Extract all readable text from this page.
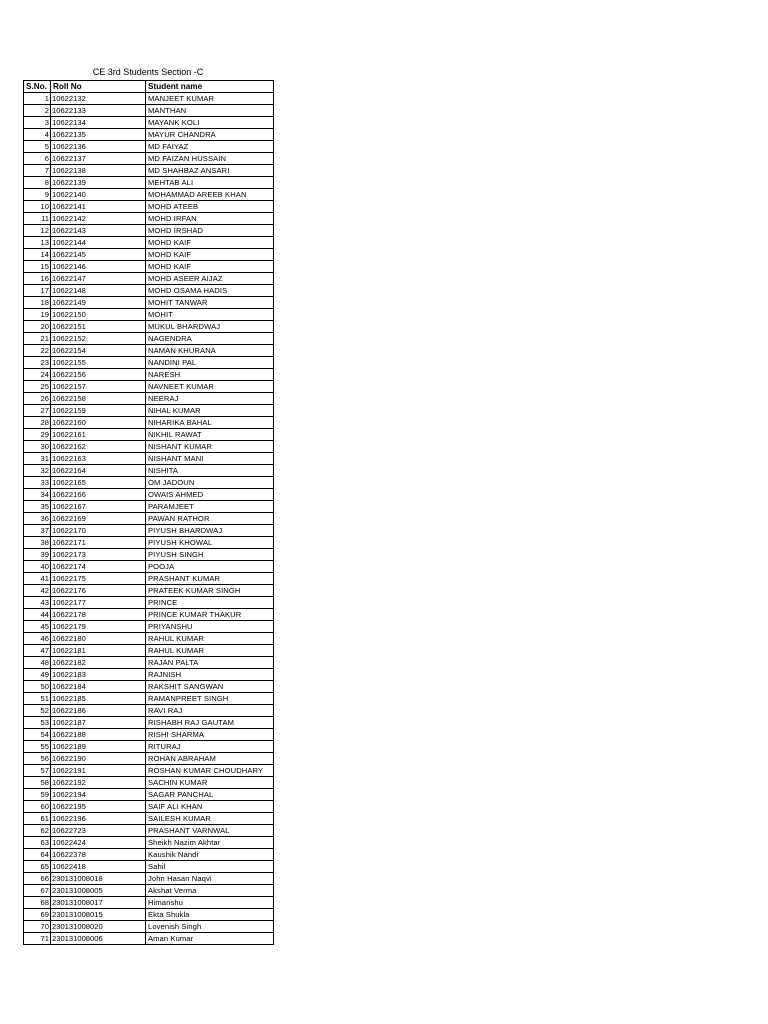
CE 3rd Students Section -C
S.No.	Roll No	Student name
1	10622132	MANJEET KUMAR
2	10622133	MANTHAN
3	10622134	MAYANK KOLI
4	10622135	MAYUR CHANDRA
5	10622136	MD FAIYAZ
6	10622137	MD FAIZAN HUSSAIN
7	10622138	MD SHAHBAZ ANSARI
8	10622139	MEHTAB ALI
9	10622140	MOHAMMAD AREEB KHAN
10	10622141	MOHD ATEEB
11	10622142	MOHD IRFAN
12	10622143	MOHD IRSHAD
13	10622144	MOHD KAIF
14	10622145	MOHD KAIF
15	10622146	MOHD KAIF
16	10622147	MOHD ASEER AIJAZ
17	10622148	MOHD OSAMA HADIS
18	10622149	MOHIT TANWAR
19	10622150	MOHIT
20	10622151	MUKUL BHARDWAJ
21	10622152	NAGENDRA
22	10622154	NAMAN KHURANA
23	10622155	NANDINI PAL
24	10622156	NARESH
25	10622157	NAVNEET KUMAR
26	10622158	NEERAJ
27	10622159	NIHAL KUMAR
28	10622160	NIHARIKA BAHAL
29	10622161	NIKHIL RAWAT
30	10622162	NISHANT KUMAR
31	10622163	NISHANT MANI
32	10622164	NISHITA
33	10622165	OM JADOUN
34	10622166	OWAIS AHMED
35	10622167	PARAMJEET
36	10622169	PAWAN RATHOR
37	10622170	PIYUSH BHARDWAJ
38	10622171	PIYUSH KHOWAL
39	10622173	PIYUSH SINGH
40	10622174	POOJA
41	10622175	PRASHANT KUMAR
42	10622176	PRATEEK KUMAR SINGH
43	10622177	PRINCE
44	10622178	PRINCE KUMAR THAKUR
45	10622179	PRIYANSHU
46	10622180	RAHUL KUMAR
47	10622181	RAHUL KUMAR
48	10622182	RAJAN PALTA
49	10622183	RAJNISH
50	10622184	RAKSHIT SANGWAN
51	10622185	RAMANPREET SINGH
52	10622186	RAVI RAJ
53	10622187	RISHABH RAJ GAUTAM
54	10622188	RISHI SHARMA
55	10622189	RITURAJ
56	10622190	ROHAN ABRAHAM
57	10622191	ROSHAN KUMAR CHOUDHARY
58	10622192	SACHIN KUMAR
59	10622194	SAGAR PANCHAL
60	10622195	SAIF ALI KHAN
61	10622196	SAILESH KUMAR
62	10622723	PRASHANT VARNWAL
63	10622424	Sheikh Nazim Akhtar
64	10622378	Kaushik Nandi
65	10622418	Sahil
66	230131008018	John Hasan Naqvi
67	230131008005	Akshat Verma
68	230131008017	Himanshu
69	230131008015	Ekta Shukla
70	230131008020	Lovenish Singh
71	230131008006	Aman Kumar
